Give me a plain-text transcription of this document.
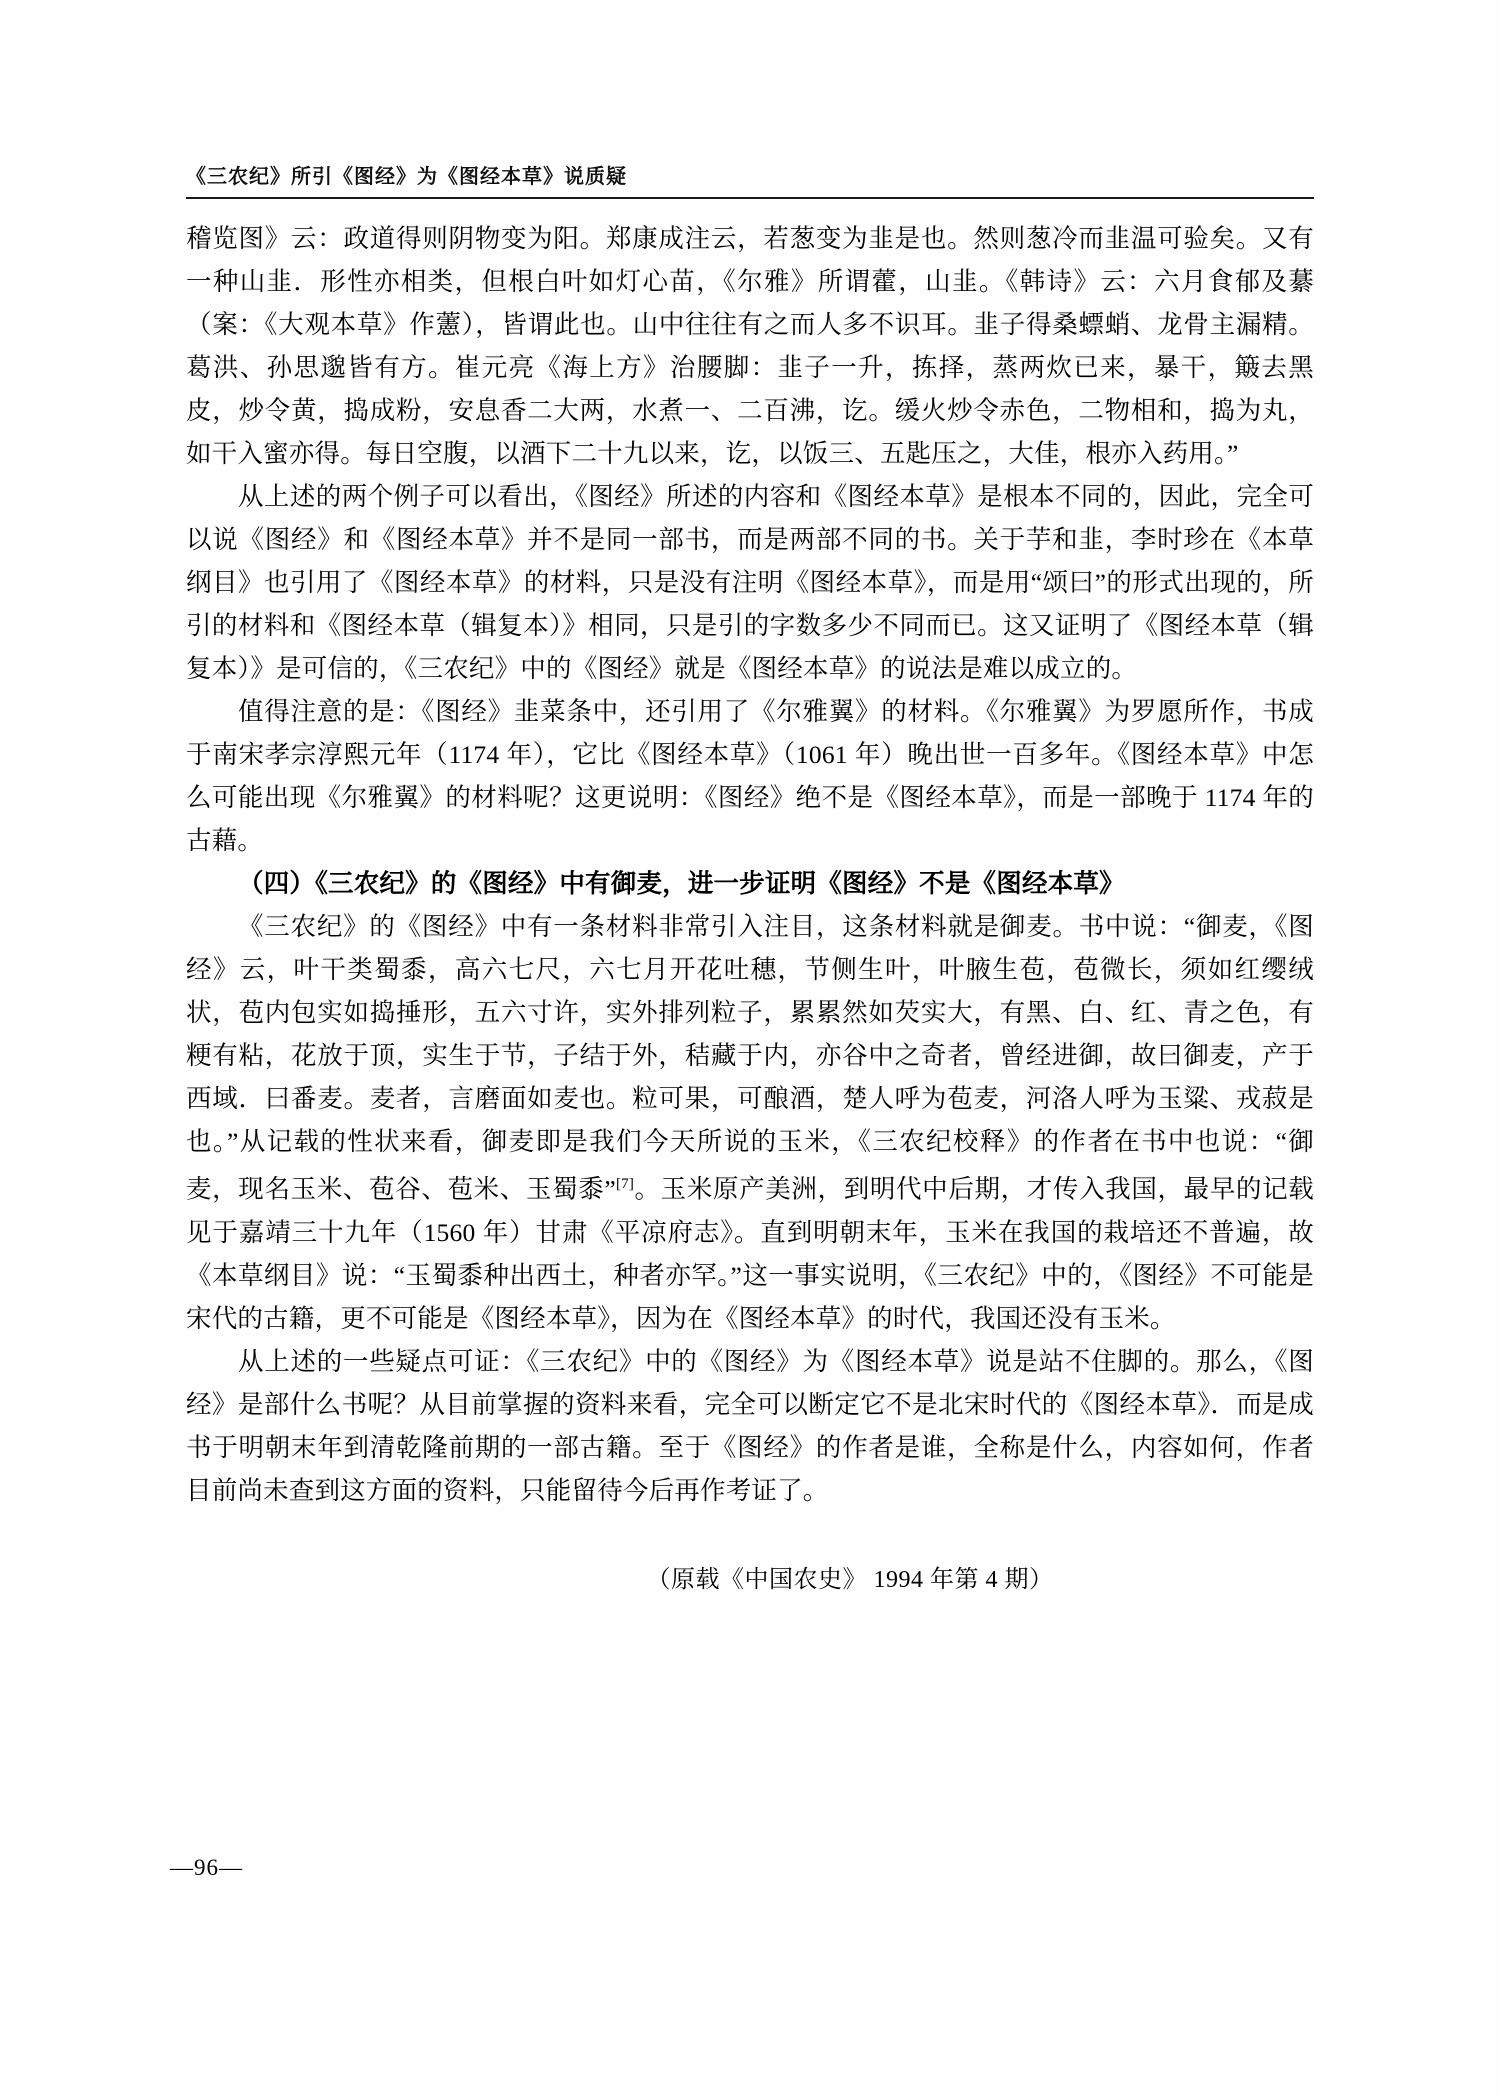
《三农纪》所引《图经》为《图经本草》说质疑

稽览图》云：政道得则阴物变为阳。郑康成注云，若葱变为韭是也。然则葱冷而韭温可验矣。又有一种山韭．形性亦相类，但根白叶如灯心苗，《尔雅》所谓藿，山韭。《韩诗》云：六月食郁及藄（案：《大观本草》作藼），皆谓此也。山中往往有之而人多不识耳。韭子得桑螵蛸、龙骨主漏精。葛洪、孙思邈皆有方。崔元亮《海上方》治腰脚：韭子一升，拣择，蒸两炊已来，暴干，簸去黑皮，炒令黄，捣成粉，安息香二大两，水煮一、二百沸，讫。缓火炒令赤色，二物相和，捣为丸，如干入蜜亦得。每日空腹，以酒下二十九以来，讫，以饭三、五匙压之，大佳，根亦入药用。”

从上述的两个例子可以看出，《图经》所述的内容和《图经本草》是根本不同的，因此，完全可以说《图经》和《图经本草》并不是同一部书，而是两部不同的书。关于芋和韭，李时珍在《本草纲目》也引用了《图经本草》的材料，只是没有注明《图经本草》，而是用“颂曰”的形式出现的，所引的材料和《图经本草（辑复本）》相同，只是引的字数多少不同而已。这又证明了《图经本草（辑复本）》是可信的，《三农纪》中的《图经》就是《图经本草》的说法是难以成立的。

值得注意的是：《图经》韭菜条中，还引用了《尔雅翼》的材料。《尔雅翼》为罗愿所作，书成于南宋孝宗淳熙元年（1174 年），它比《图经本草》（1061 年）晚出世一百多年。《图经本草》中怎么可能出现《尔雅翼》的材料呢？这更说明：《图经》绝不是《图经本草》，而是一部晚于 1174 年的古藉。

（四）《三农纪》的《图经》中有御麦，进一步证明《图经》不是《图经本草》

《三农纪》的《图经》中有一条材料非常引入注目，这条材料就是御麦。书中说：“御麦，《图经》云，叶干类蜀黍，高六七尺，六七月开花吐穗，节侧生叶，叶腋生苞，苞微长，须如红缨绒状，苞内包实如捣捶形，五六寸许，实外排列粒子，累累然如芡实大，有黑、白、红、青之色，有粳有粘，花放于顶，实生于节，子结于外，秸藏于内，亦谷中之奇者，曾经进御，故曰御麦，产于西域．曰番麦。麦者，言磨面如麦也。粒可果，可酿酒，楚人呼为苞麦，河洛人呼为玉粱、戎菽是也。”从记载的性状来看，御麦即是我们今天所说的玉米，《三农纪校释》的作者在书中也说：“御麦，现名玉米、苞谷、苞米、玉蜀黍”[7]。玉米原产美洲，到明代中后期，才传入我国，最早的记载见于嘉靖三十九年（1560 年）甘肃《平凉府志》。直到明朝末年，玉米在我国的栽培还不普遍，故《本草纲目》说：“玉蜀黍种出西土，种者亦罕。”这一事实说明，《三农纪》中的，《图经》不可能是宋代的古籍，更不可能是《图经本草》，因为在《图经本草》的时代，我国还没有玉米。

从上述的一些疑点可证：《三农纪》中的《图经》为《图经本草》说是站不住脚的。那么，《图经》是部什么书呢？从目前掌握的资料来看，完全可以断定它不是北宋时代的《图经本草》．而是成书于明朝末年到清乾隆前期的一部古籍。至于《图经》的作者是谁，全称是什么，内容如何，作者目前尚未查到这方面的资料，只能留待今后再作考证了。

（原载《中国农史》 1994 年第 4 期）
—96—
